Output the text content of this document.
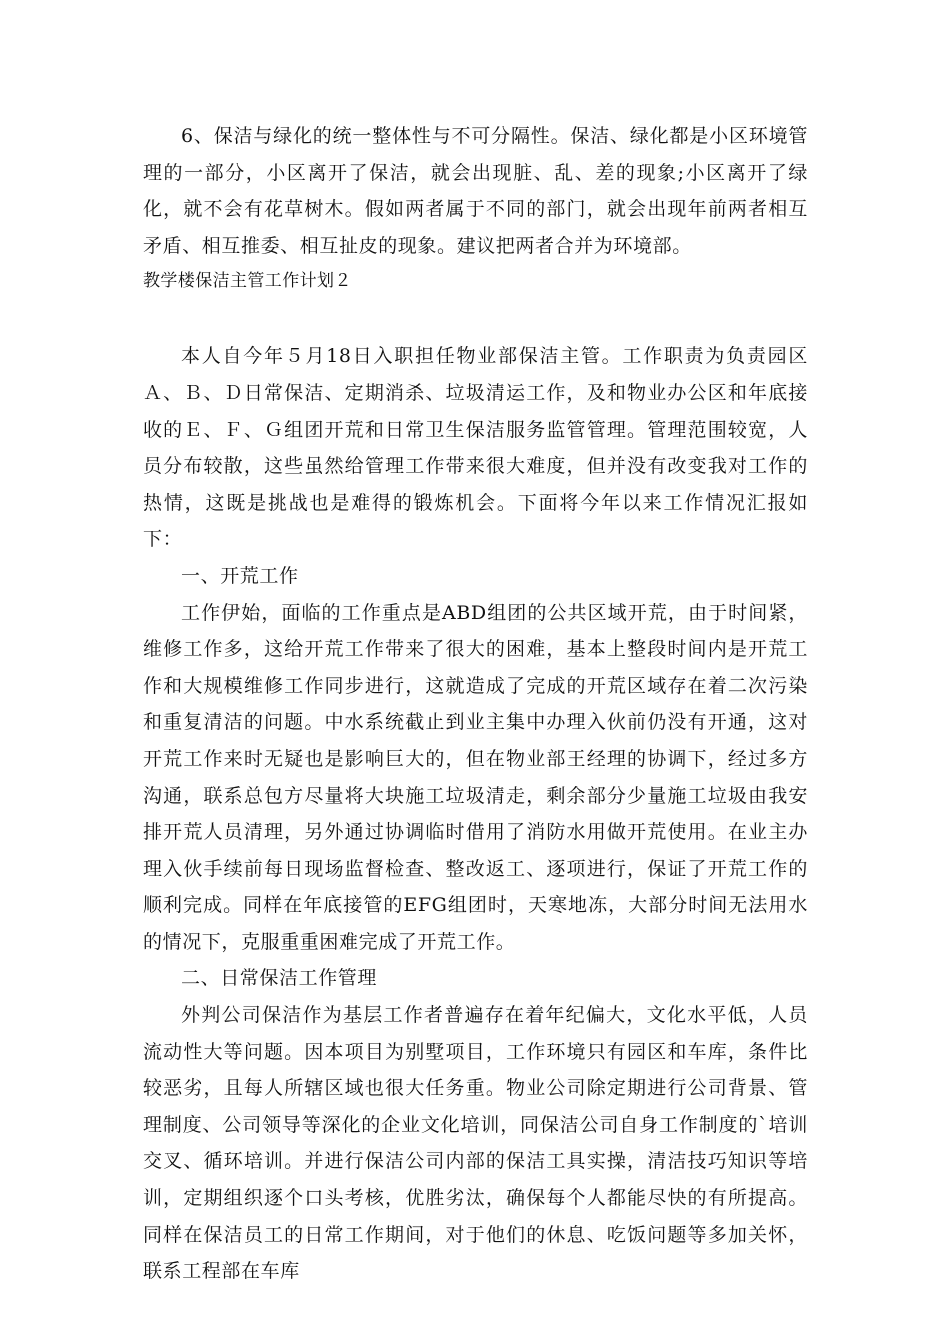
6、保洁与绿化的统一整体性与不可分隔性。保洁、绿化都是小区环境管理的一部分，小区离开了保洁，就会出现脏、乱、差的现象;小区离开了绿化，就不会有花草树木。假如两者属于不同的部门，就会出现年前两者相互矛盾、相互推委、相互扯皮的现象。建议把两者合并为环境部。

教学楼保洁主管工作计划２

本人自今年５月18日入职担任物业部保洁主管。工作职责为负责园区Ａ、Ｂ、Ｄ日常保洁、定期消杀、垃圾清运工作，及和物业办公区和年底接收的Ｅ、Ｆ、Ｇ组团开荒和日常卫生保洁服务监管管理。管理范围较宽，人员分布较散，这些虽然给管理工作带来很大难度，但并没有改变我对工作的热情，这既是挑战也是难得的锻炼机会。下面将今年以来工作情况汇报如下：

一、开荒工作

工作伊始，面临的工作重点是ABD组团的公共区域开荒，由于时间紧，维修工作多，这给开荒工作带来了很大的困难，基本上整段时间内是开荒工作和大规模维修工作同步进行，这就造成了完成的开荒区域存在着二次污染和重复清洁的问题。中水系统截止到业主集中办理入伙前仍没有开通，这对开荒工作来时无疑也是影响巨大的，但在物业部王经理的协调下，经过多方沟通，联系总包方尽量将大块施工垃圾清走，剩余部分少量施工垃圾由我安排开荒人员清理，另外通过协调临时借用了消防水用做开荒使用。在业主办理入伙手续前每日现场监督检查、整改返工、逐项进行，保证了开荒工作的顺利完成。同样在年底接管的EFG组团时，天寒地冻，大部分时间无法用水的情况下，克服重重困难完成了开荒工作。

二、日常保洁工作管理

外判公司保洁作为基层工作者普遍存在着年纪偏大，文化水平低，人员流动性大等问题。因本项目为别墅项目，工作环境只有园区和车库，条件比较恶劣，且每人所辖区域也很大任务重。物业公司除定期进行公司背景、管理制度、公司领导等深化的企业文化培训，同保洁公司自身工作制度的`培训交叉、循环培训。并进行保洁公司内部的保洁工具实操，清洁技巧知识等培训，定期组织逐个口头考核，优胜劣汰，确保每个人都能尽快的有所提高。同样在保洁员工的日常工作期间，对于他们的休息、吃饭问题等多加关怀，联系工程部在车库
